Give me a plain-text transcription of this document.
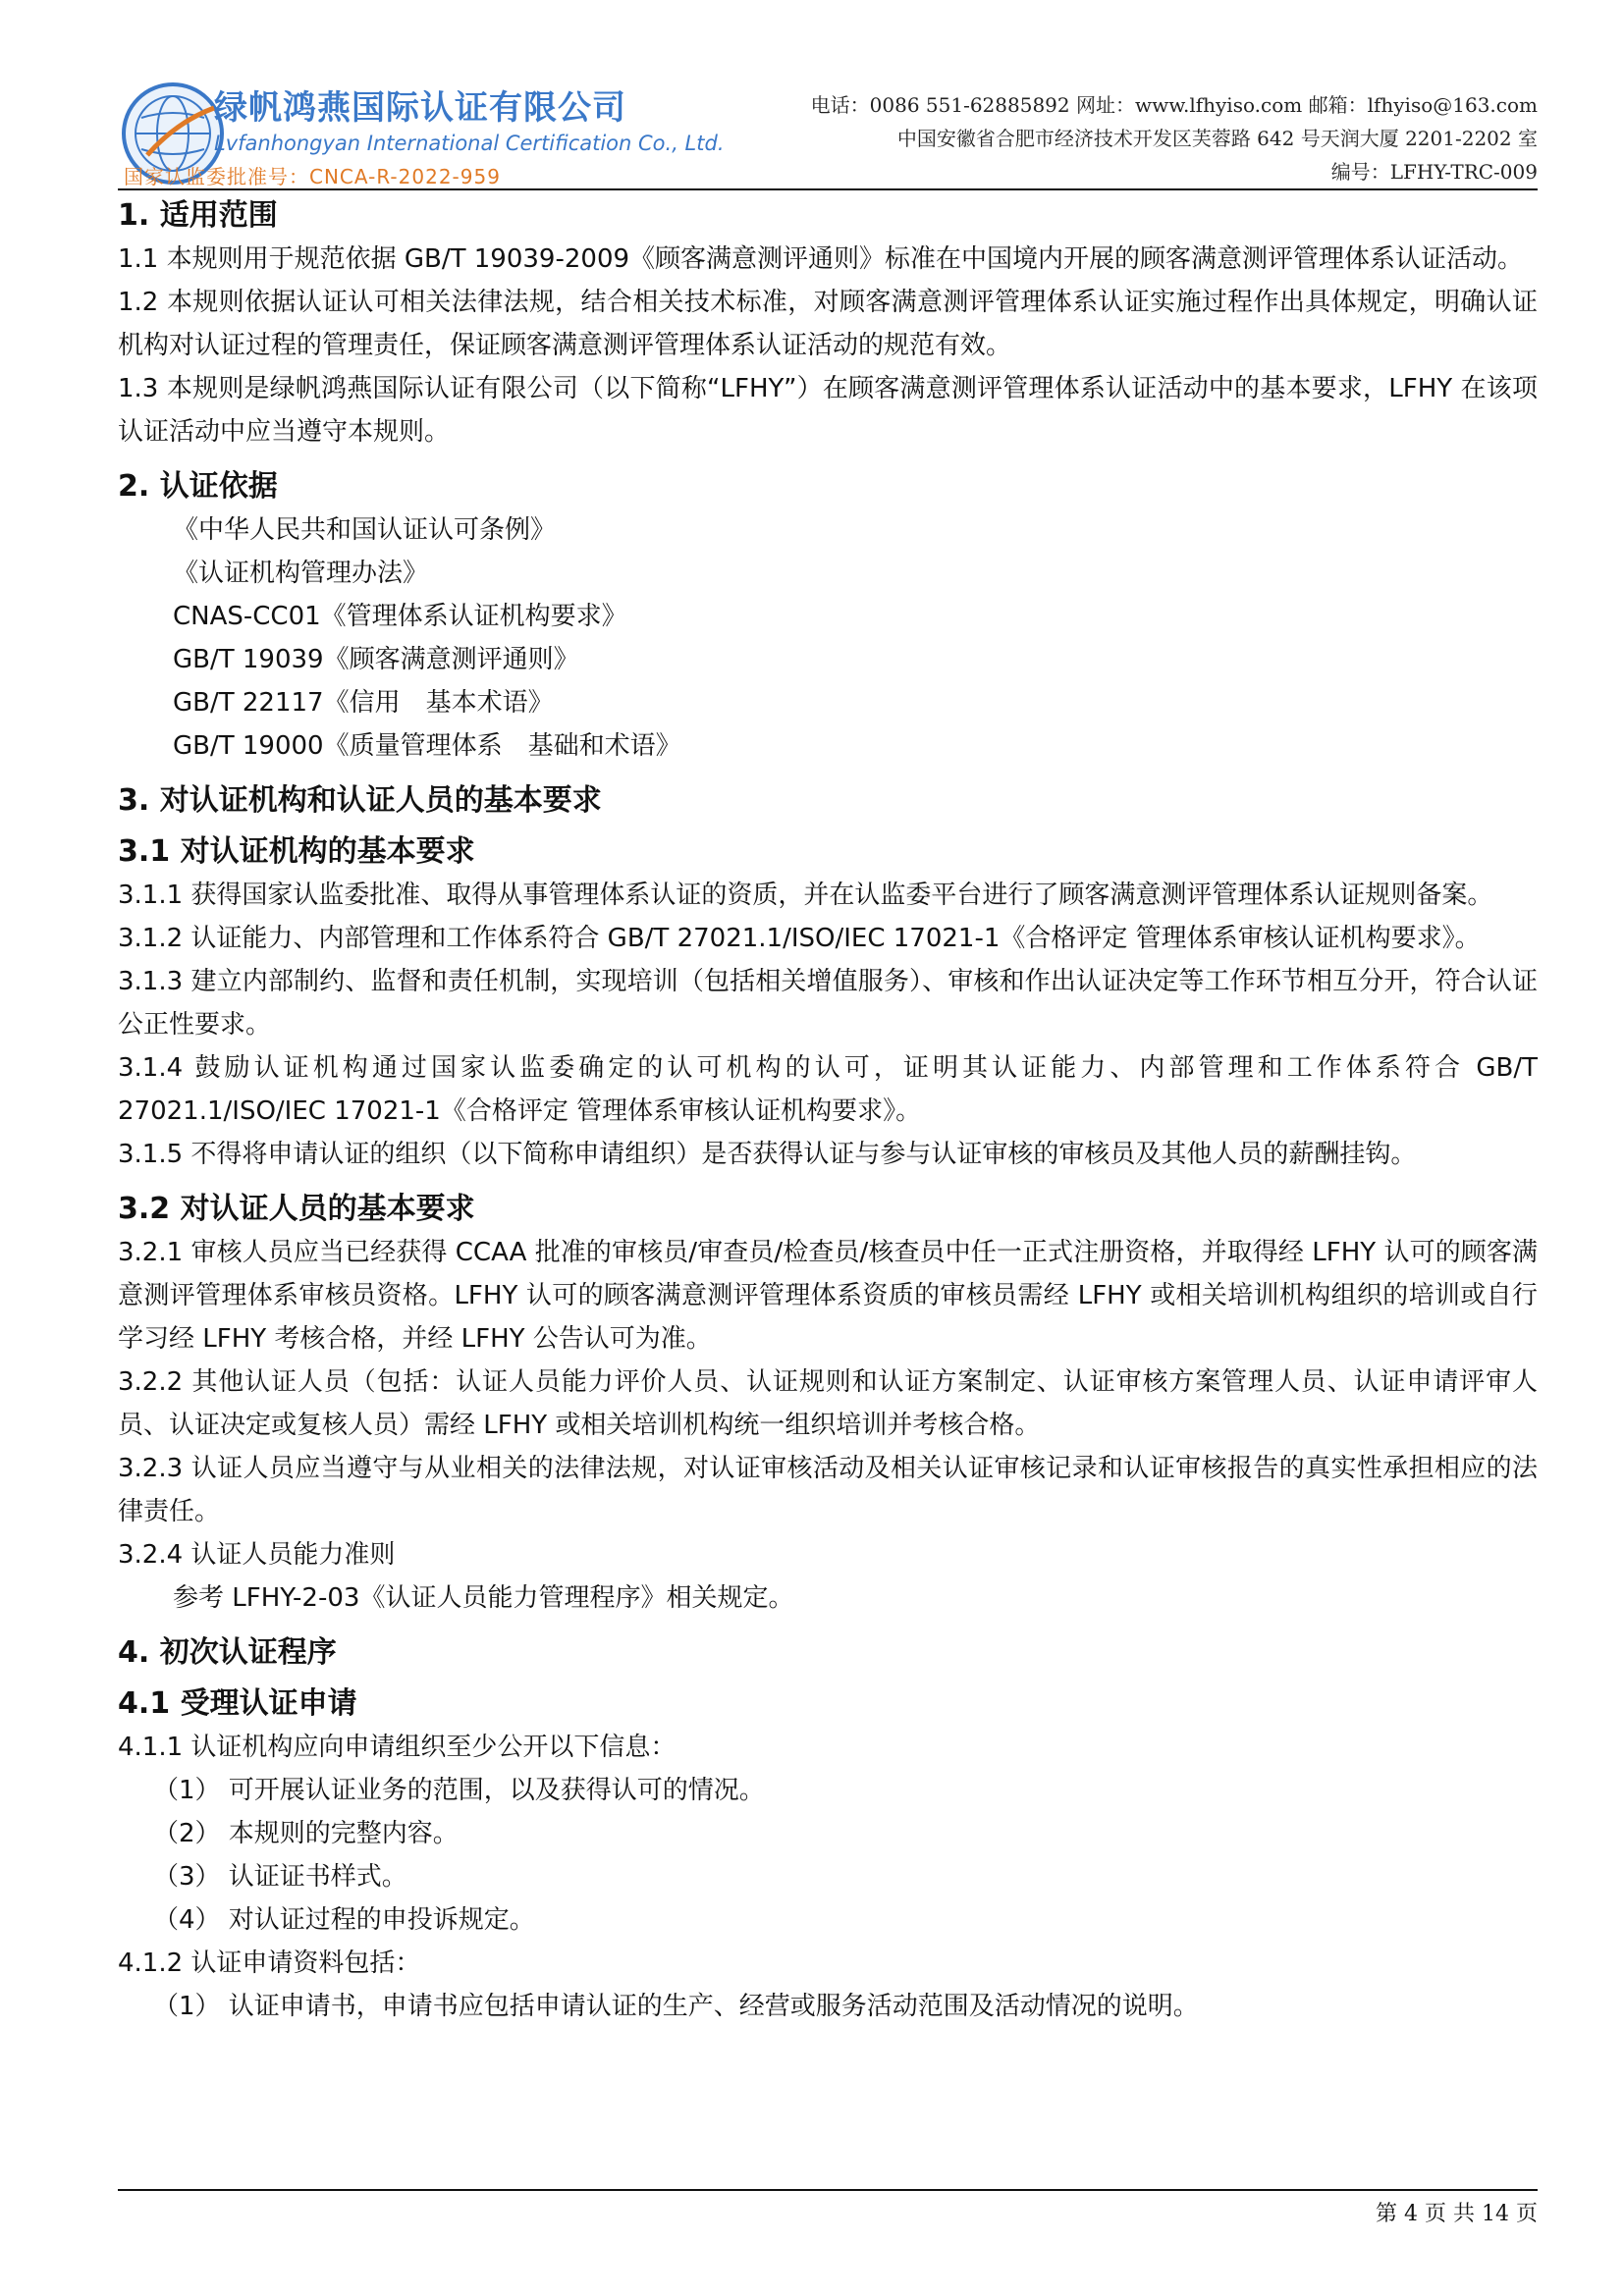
绿帆鸿燕国际认证有限公司
Lvfanhongyan International Certification Co., Ltd.
国家认监委批准号：CNCA-R-2022-959
电话：0086 551-62885892 网址：www.lfhyiso.com 邮箱：lfhyiso@163.com
中国安徽省合肥市经济技术开发区芙蓉路 642 号天润大厦 2201-2202 室
编号：LFHY-TRC-009
1. 适用范围

1.1 本规则用于规范依据 GB/T 19039-2009《顾客满意测评通则》标准在中国境内开展的顾客满意测评管理体系认证活动。

1.2 本规则依据认证认可相关法律法规，结合相关技术标准，对顾客满意测评管理体系认证实施过程作出具体规定，明确认证机构对认证过程的管理责任，保证顾客满意测评管理体系认证活动的规范有效。

1.3 本规则是绿帆鸿燕国际认证有限公司（以下简称“LFHY”）在顾客满意测评管理体系认证活动中的基本要求，LFHY 在该项认证活动中应当遵守本规则。

2. 认证依据

《中华人民共和国认证认可条例》

《认证机构管理办法》

CNAS-CC01《管理体系认证机构要求》

GB/T 19039《顾客满意测评通则》

GB/T 22117《信用　基本术语》

GB/T 19000《质量管理体系　基础和术语》

3. 对认证机构和认证人员的基本要求
3.1 对认证机构的基本要求

3.1.1 获得国家认监委批准、取得从事管理体系认证的资质，并在认监委平台进行了顾客满意测评管理体系认证规则备案。

3.1.2 认证能力、内部管理和工作体系符合 GB/T 27021.1/ISO/IEC 17021-1《合格评定 管理体系审核认证机构要求》。

3.1.3 建立内部制约、监督和责任机制，实现培训（包括相关增值服务）、审核和作出认证决定等工作环节相互分开，符合认证公正性要求。

3.1.4 鼓励认证机构通过国家认监委确定的认可机构的认可，证明其认证能力、内部管理和工作体系符合 GB/T 27021.1/ISO/IEC 17021-1《合格评定 管理体系审核认证机构要求》。

3.1.5 不得将申请认证的组织（以下简称申请组织）是否获得认证与参与认证审核的审核员及其他人员的薪酬挂钩。

3.2 对认证人员的基本要求

3.2.1 审核人员应当已经获得 CCAA 批准的审核员/审查员/检查员/核查员中任一正式注册资格，并取得经 LFHY 认可的顾客满意测评管理体系审核员资格。LFHY 认可的顾客满意测评管理体系资质的审核员需经 LFHY 或相关培训机构组织的培训或自行学习经 LFHY 考核合格，并经 LFHY 公告认可为准。

3.2.2 其他认证人员（包括：认证人员能力评价人员、认证规则和认证方案制定、认证审核方案管理人员、认证申请评审人员、认证决定或复核人员）需经 LFHY 或相关培训机构统一组织培训并考核合格。

3.2.3 认证人员应当遵守与从业相关的法律法规，对认证审核活动及相关认证审核记录和认证审核报告的真实性承担相应的法律责任。

3.2.4 认证人员能力准则

参考 LFHY-2-03《认证人员能力管理程序》相关规定。

4. 初次认证程序
4.1 受理认证申请

4.1.1 认证机构应向申请组织至少公开以下信息：

（1） 可开展认证业务的范围，以及获得认可的情况。

（2） 本规则的完整内容。

（3） 认证证书样式。

（4） 对认证过程的申投诉规定。

4.1.2 认证申请资料包括：

（1） 认证申请书，申请书应包括申请认证的生产、经营或服务活动范围及活动情况的说明。

第 4 页 共 14 页
